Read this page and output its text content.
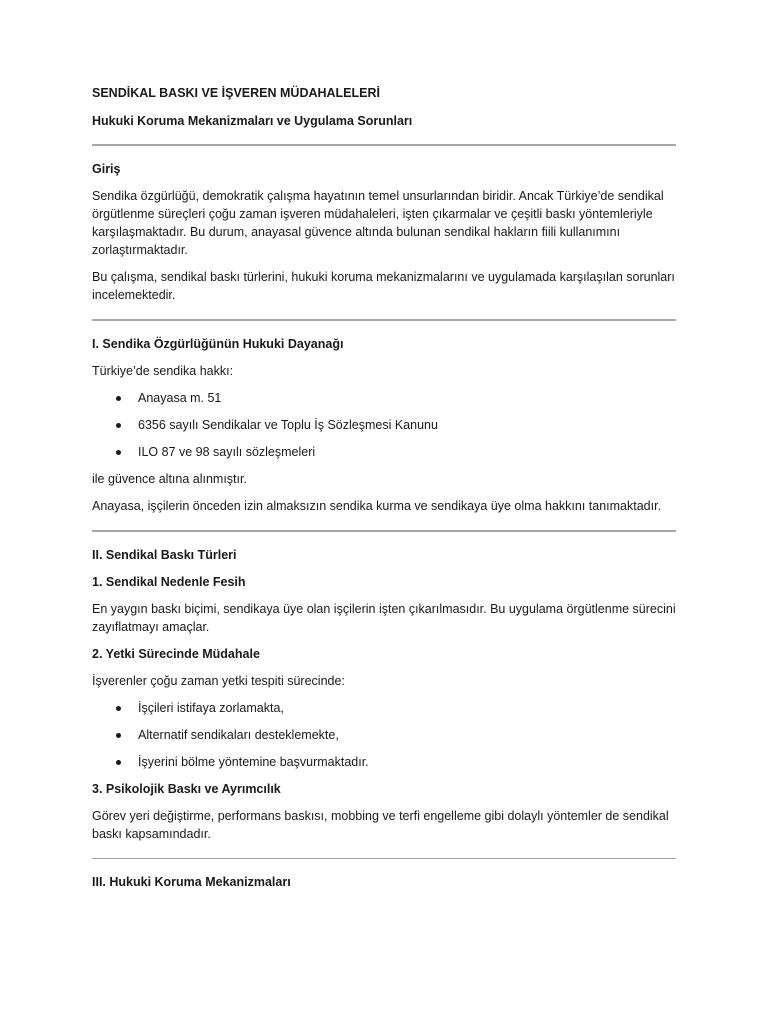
SENDİKAL BASKI VE İŞVEREN MÜDAHALELERİ
Hukuki Koruma Mekanizmaları ve Uygulama Sorunları
Giriş

Sendika özgürlüğü, demokratik çalışma hayatının temel unsurlarından biridir. Ancak Türkiye’de sendikal örgütlenme süreçleri çoğu zaman işveren müdahaleleri, işten çıkarmalar ve çeşitli baskı yöntemleriyle karşılaşmaktadır. Bu durum, anayasal güvence altında bulunan sendikal hakların fiili kullanımını zorlaştırmaktadır.

Bu çalışma, sendikal baskı türlerini, hukuki koruma mekanizmalarını ve uygulamada karşılaşılan sorunları incelemektedir.

I. Sendika Özgürlüğünün Hukuki Dayanağı

Türkiye’de sendika hakkı:

Anayasa m. 51
6356 sayılı Sendikalar ve Toplu İş Sözleşmesi Kanunu
ILO 87 ve 98 sayılı sözleşmeleri

ile güvence altına alınmıştır.

Anayasa, işçilerin önceden izin almaksızın sendika kurma ve sendikaya üye olma hakkını tanımaktadır.

II. Sendikal Baskı Türleri
1. Sendikal Nedenle Fesih

En yaygın baskı biçimi, sendikaya üye olan işçilerin işten çıkarılmasıdır. Bu uygulama örgütlenme sürecini zayıflatmayı amaçlar.

2. Yetki Sürecinde Müdahale

İşverenler çoğu zaman yetki tespiti sürecinde:

İşçileri istifaya zorlamakta,
Alternatif sendikaları desteklemekte,
İşyerini bölme yöntemine başvurmaktadır.
3. Psikolojik Baskı ve Ayrımcılık

Görev yeri değiştirme, performans baskısı, mobbing ve terfi engelleme gibi dolaylı yöntemler de sendikal baskı kapsamındadır.

III. Hukuki Koruma Mekanizmaları
